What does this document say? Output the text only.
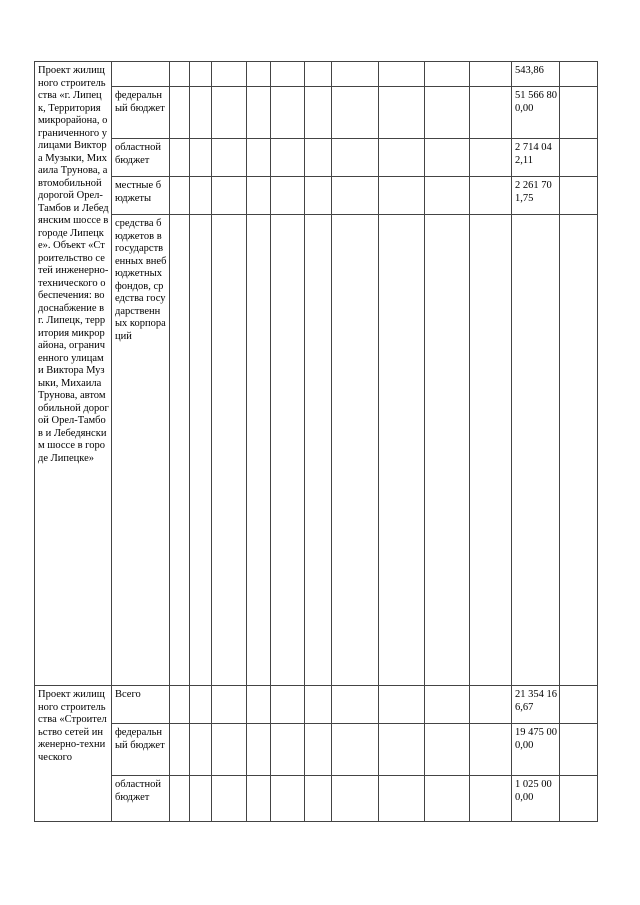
Проект жилищного строительства «г. Липецк, Территория микрорайона, ограниченного улицами Виктора Музыки, Михаила Трунова, автомобильной дорогой Орел-Тамбов и Лебедянским шоссе в городе Липецке». Объект «Строительство сетей инженерно-технического обеспечения: водоснабжение в г. Липецк, территория микрорайона, ограниченного улицами Виктора Музыки, Михаила Трунова, автомобильной дорогой Орел-Тамбов и Лебедянским шоссе в городе Липецке»												543,86	
	федеральный бюджет											51 566 800,00	
	областной бюджет											2 714 042,11	
	местные бюджеты											2 261 701,75	
	средства бюджетов в государственных внебюджетных фондов, средства государственных корпораций												
Проект жилищного строительства «Строительство сетей инженерно-технического	Всего											21 354 166,67	
	федеральный бюджет											19 475 000,00	
	областной бюджет											1 025 000,00	
